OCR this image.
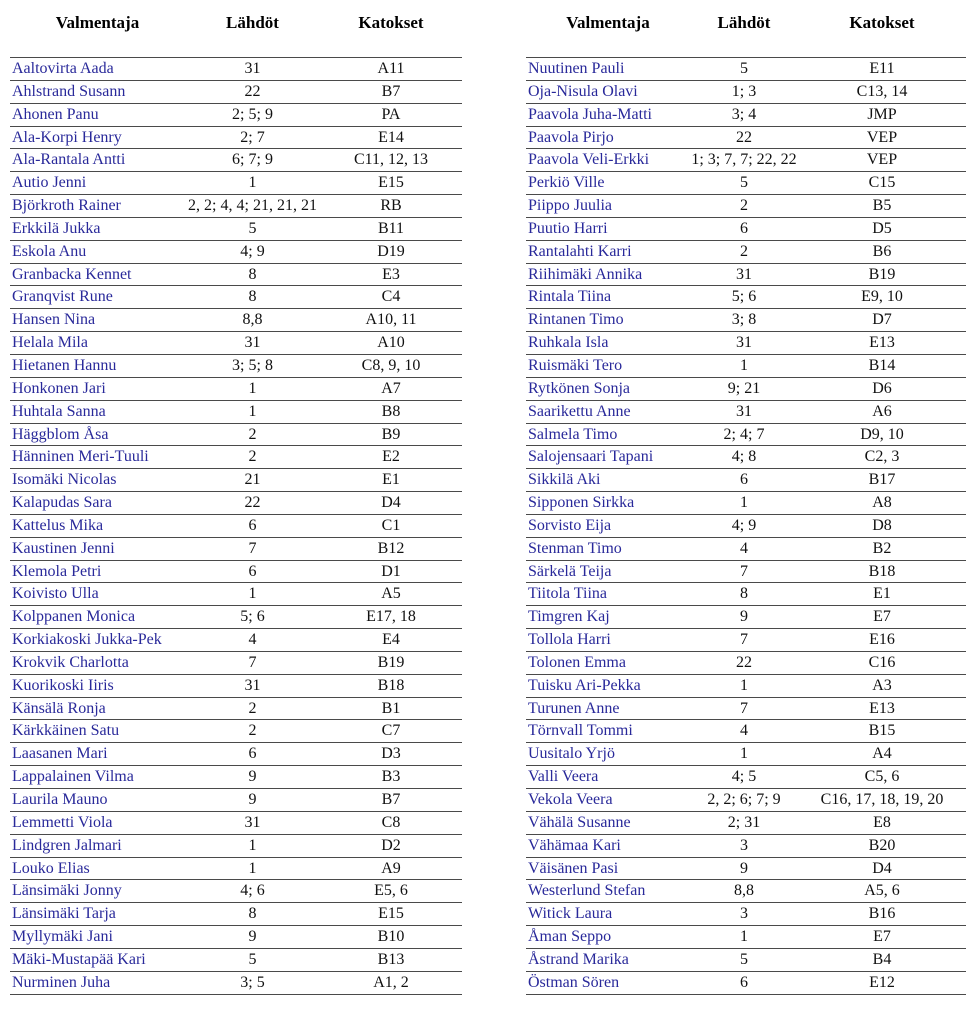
Valmentaja	Lähdöt	Katokset
Aaltovirta Aada	31	A11
Ahlstrand Susann	22	B7
Ahonen Panu	2; 5; 9	PA
Ala-Korpi Henry	2; 7	E14
Ala-Rantala Antti	6; 7; 9	C11, 12, 13
Autio Jenni	1	E15
Björkroth Rainer	2, 2; 4, 4; 21, 21, 21	RB
Erkkilä Jukka	5	B11
Eskola Anu	4; 9	D19
Granbacka Kennet	8	E3
Granqvist Rune	8	C4
Hansen Nina	8,8	A10, 11
Helala Mila	31	A10
Hietanen Hannu	3; 5; 8	C8, 9, 10
Honkonen Jari	1	A7
Huhtala Sanna	1	B8
Häggblom Åsa	2	B9
Hänninen Meri-Tuuli	2	E2
Isomäki Nicolas	21	E1
Kalapudas Sara	22	D4
Kattelus Mika	6	C1
Kaustinen Jenni	7	B12
Klemola Petri	6	D1
Koivisto Ulla	1	A5
Kolppanen Monica	5; 6	E17, 18
Korkiakoski Jukka-Pek	4	E4
Krokvik Charlotta	7	B19
Kuorikoski Iiris	31	B18
Känsälä Ronja	2	B1
Kärkkäinen Satu	2	C7
Laasanen Mari	6	D3
Lappalainen Vilma	9	B3
Laurila Mauno	9	B7
Lemmetti Viola	31	C8
Lindgren Jalmari	1	D2
Louko Elias	1	A9
Länsimäki Jonny	4; 6	E5, 6
Länsimäki Tarja	8	E15
Myllymäki Jani	9	B10
Mäki-Mustapää Kari	5	B13
Nurminen Juha	3; 5	A1, 2
Valmentaja	Lähdöt	Katokset
Nuutinen Pauli	5	E11
Oja-Nisula Olavi	1; 3	C13, 14
Paavola Juha-Matti	3; 4	JMP
Paavola Pirjo	22	VEP
Paavola Veli-Erkki	1; 3; 7, 7; 22, 22	VEP
Perkiö Ville	5	C15
Piippo Juulia	2	B5
Puutio Harri	6	D5
Rantalahti Karri	2	B6
Riihimäki Annika	31	B19
Rintala Tiina	5; 6	E9, 10
Rintanen Timo	3; 8	D7
Ruhkala Isla	31	E13
Ruismäki Tero	1	B14
Rytkönen Sonja	9; 21	D6
Saarikettu Anne	31	A6
Salmela Timo	2; 4; 7	D9, 10
Salojensaari Tapani	4; 8	C2, 3
Sikkilä Aki	6	B17
Sipponen Sirkka	1	A8
Sorvisto Eija	4; 9	D8
Stenman Timo	4	B2
Särkelä Teija	7	B18
Tiitola Tiina	8	E1
Timgren Kaj	9	E7
Tollola Harri	7	E16
Tolonen Emma	22	C16
Tuisku Ari-Pekka	1	A3
Turunen Anne	7	E13
Törnvall Tommi	4	B15
Uusitalo Yrjö	1	A4
Valli Veera	4; 5	C5, 6
Vekola Veera	2, 2; 6; 7; 9	C16, 17, 18, 19, 20
Vähälä Susanne	2; 31	E8
Vähämaa Kari	3	B20
Väisänen Pasi	9	D4
Westerlund Stefan	8,8	A5, 6
Witick Laura	3	B16
Åman Seppo	1	E7
Åstrand Marika	5	B4
Östman Sören	6	E12
